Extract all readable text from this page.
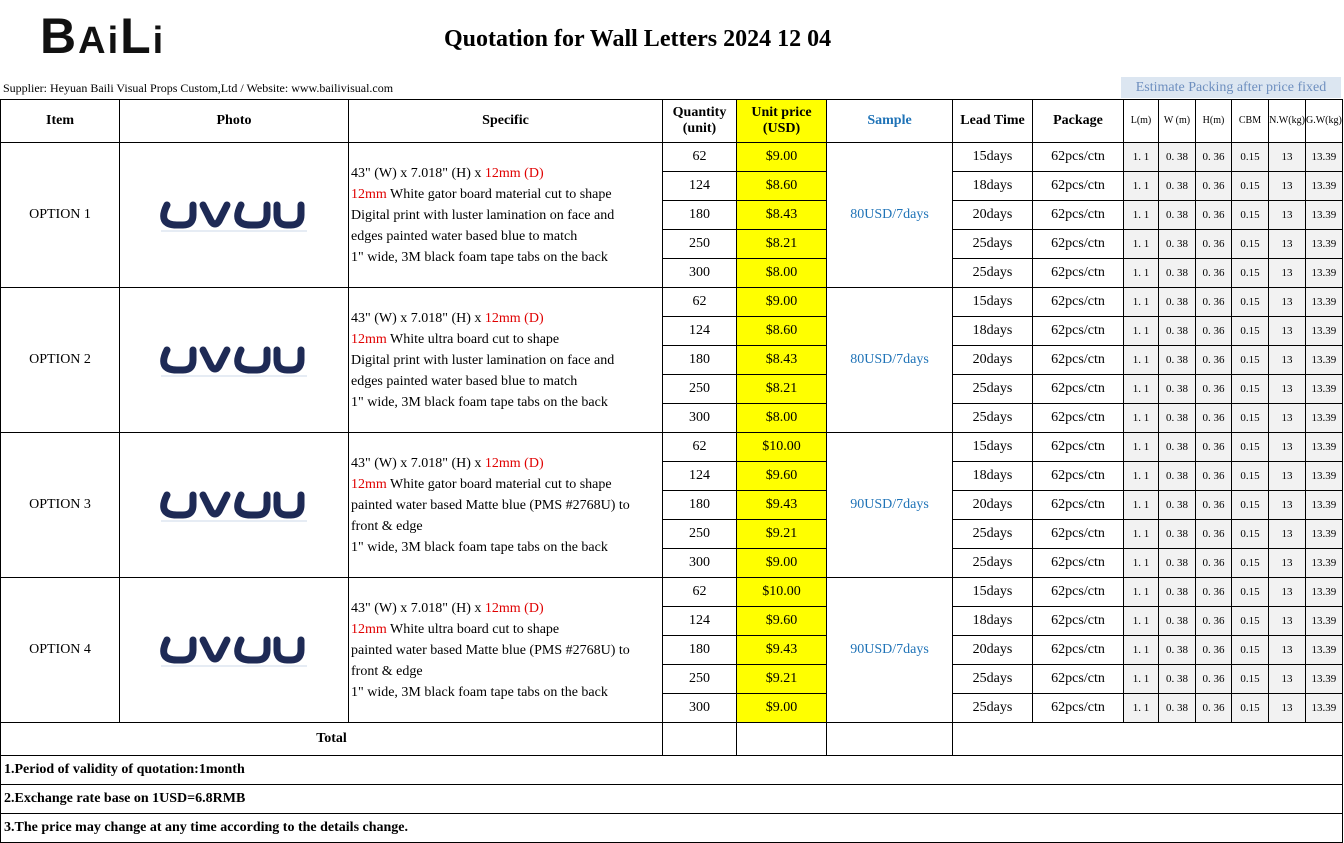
BAiLi	Quotation for Wall Letters 2024 12 04
Supplier: Heyuan Baili Visual Props Custom,Ltd / Website: www.bailivisual.com	Estimate Packing after price fixed
Item	Photo	Specific	Quantity (unit)	Unit price (USD)	Sample	Lead Time	Package	L(m)	W (m)	H(m)	CBM	N.W(kg)	G.W(kg)
OPTION 1		43" (W) x 7.018" (H) x 12mm (D)
12mm White gator board material cut to shape
Digital print with luster lamination on face and
edges painted water based blue to match
1" wide, 3M black foam tape tabs on the back	62	$9.00	80USD/7days	15days	62pcs/ctn	1. 1	0. 38	0. 36	0.15	13	13.39
			124	$8.60		18days	62pcs/ctn	1. 1	0. 38	0. 36	0.15	13	13.39
			180	$8.43		20days	62pcs/ctn	1. 1	0. 38	0. 36	0.15	13	13.39
			250	$8.21		25days	62pcs/ctn	1. 1	0. 38	0. 36	0.15	13	13.39
			300	$8.00		25days	62pcs/ctn	1. 1	0. 38	0. 36	0.15	13	13.39
OPTION 2		43" (W) x 7.018" (H) x 12mm (D)
12mm White ultra board cut to shape
Digital print with luster lamination on face and
edges painted water based blue to match
1" wide, 3M black foam tape tabs on the back	62	$9.00	80USD/7days	15days	62pcs/ctn	1. 1	0. 38	0. 36	0.15	13	13.39
			124	$8.60		18days	62pcs/ctn	1. 1	0. 38	0. 36	0.15	13	13.39
			180	$8.43		20days	62pcs/ctn	1. 1	0. 38	0. 36	0.15	13	13.39
			250	$8.21		25days	62pcs/ctn	1. 1	0. 38	0. 36	0.15	13	13.39
			300	$8.00		25days	62pcs/ctn	1. 1	0. 38	0. 36	0.15	13	13.39
OPTION 3		43" (W) x 7.018" (H) x 12mm (D)
12mm White gator board material cut to shape
painted water based Matte blue (PMS #2768U) to
front & edge
1" wide, 3M black foam tape tabs on the back	62	$10.00	90USD/7days	15days	62pcs/ctn	1. 1	0. 38	0. 36	0.15	13	13.39
			124	$9.60		18days	62pcs/ctn	1. 1	0. 38	0. 36	0.15	13	13.39
			180	$9.43		20days	62pcs/ctn	1. 1	0. 38	0. 36	0.15	13	13.39
			250	$9.21		25days	62pcs/ctn	1. 1	0. 38	0. 36	0.15	13	13.39
			300	$9.00		25days	62pcs/ctn	1. 1	0. 38	0. 36	0.15	13	13.39
OPTION 4		43" (W) x 7.018" (H) x 12mm (D)
12mm White ultra board cut to shape
painted water based Matte blue (PMS #2768U) to
front & edge
1" wide, 3M black foam tape tabs on the back	62	$10.00	90USD/7days	15days	62pcs/ctn	1. 1	0. 38	0. 36	0.15	13	13.39
			124	$9.60		18days	62pcs/ctn	1. 1	0. 38	0. 36	0.15	13	13.39
			180	$9.43		20days	62pcs/ctn	1. 1	0. 38	0. 36	0.15	13	13.39
			250	$9.21		25days	62pcs/ctn	1. 1	0. 38	0. 36	0.15	13	13.39
			300	$9.00		25days	62pcs/ctn	1. 1	0. 38	0. 36	0.15	13	13.39
Total													
1.Period of validity of quotation:1month													
2.Exchange rate base on 1USD=6.8RMB													
3.The price may change at any time according to the details change.													
